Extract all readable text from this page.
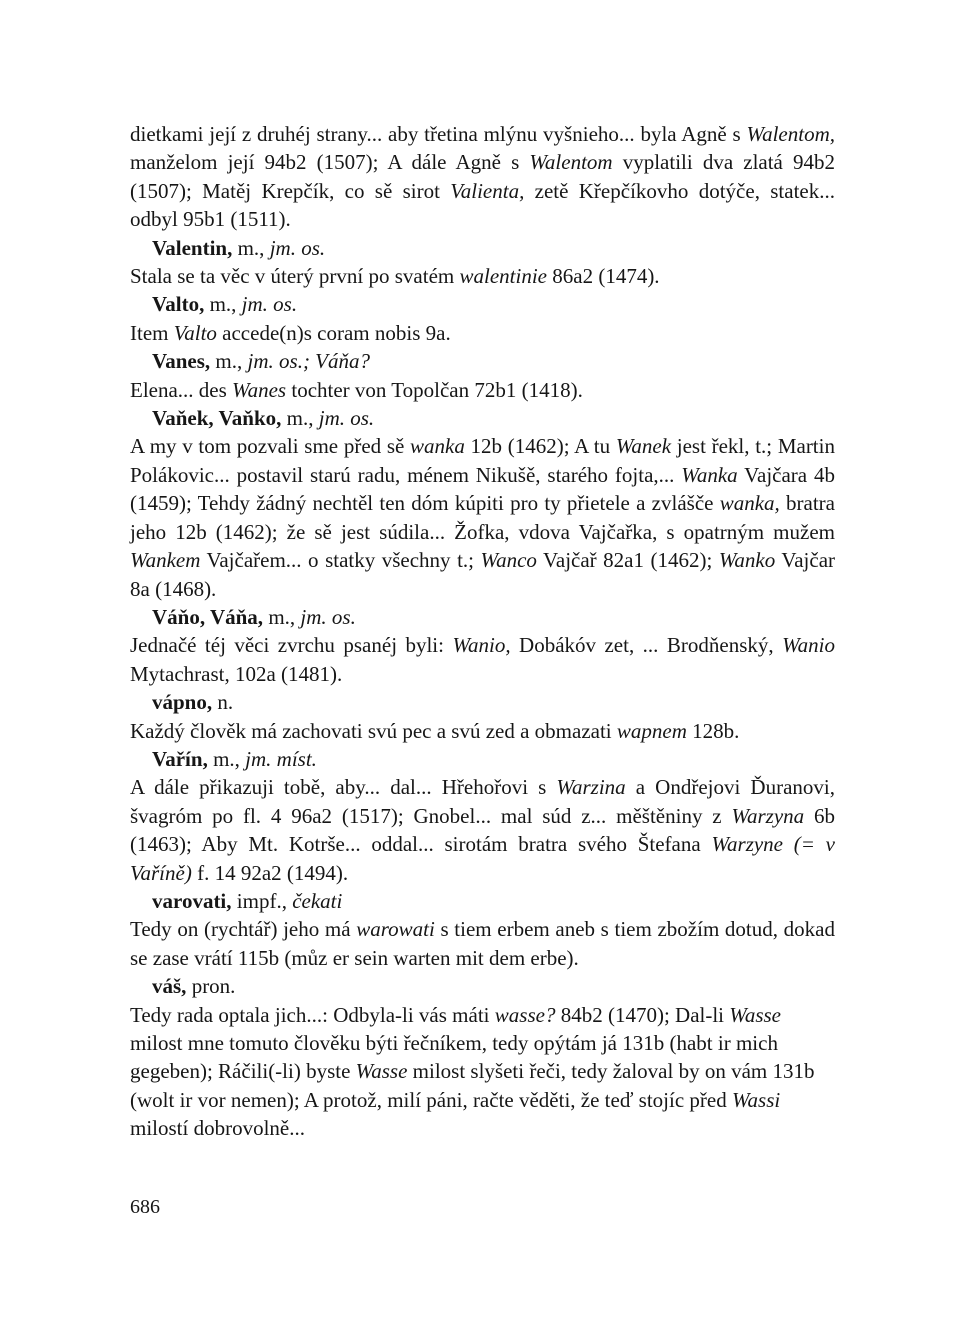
dietkami její z druhéj strany... aby třetina mlýnu vyšnieho... byla Agně s Walentom, manželom její 94b2 (1507); A dále Agně s Walentom vyplatili dva zlatá 94b2 (1507); Matěj Krepčík, co sě sirot Valienta, zetě Křepčíkovho dotýče, statek... odbyl 95b1 (1511).

Valentin, m., jm. os.

Stala se ta věc v úterý první po svatém walentinie 86a2 (1474).

Valto, m., jm. os.

Item Valto accede(n)s coram nobis 9a.

Vanes, m., jm. os.; Váňa?

Elena... des Wanes tochter von Topolčan 72b1 (1418).

Vaňek, Vaňko, m., jm. os.

A my v tom pozvali sme před sě wanka 12b (1462); A tu Wanek jest řekl, t.; Martin Polákovic... postavil starú radu, ménem Nikušě, starého fojta,... Wanka Vajčara 4b (1459); Tehdy žádný nechtěl ten dóm kúpiti pro ty přietele a zvlášče wanka, bratra jeho 12b (1462); že sě jest súdila... Žofka, vdova Vajčařka, s opatrným mužem Wankem Vajčařem... o statky všechny t.; Wanco Vajčař 82a1 (1462); Wanko Vajčar 8a (1468).

Váňo, Váňa, m., jm. os.

Jednačé téj věci zvrchu psanéj byli: Wanio, Dobákóv zet, ... Brodňenský, Wanio Mytachrast, 102a (1481).

vápno, n.

Každý člověk má zachovati svú pec a svú zed a obmazati wapnem 128b.

Vařín, m., jm. míst.

A dále přikazuji tobě, aby... dal... Hřehořovi s Warzina a Ondřejovi Ďuranovi, švagróm po fl. 4 96a2 (1517); Gnobel... mal súd z... měštěniny z Warzyna 6b (1463); Aby Mt. Kotrše... oddal... sirotám bratra svého Štefana Warzyne (= v Vaříně) f. 14 92a2 (1494).

varovati, impf., čekati

Tedy on (rychtář) jeho má warowati s tiem erbem aneb s tiem zbožím dotud, dokad se zase vrátí 115b (můz er sein warten mit dem erbe).

váš, pron.

Tedy rada optala jich...: Odbyla-li vás máti wasse? 84b2 (1470); Dal-li Wasse milost mne tomuto člověku býti řečníkem, tedy opýtám já 131b (habt ir mich gegeben); Ráčili(-li) byste Wasse milost slyšeti řeči, tedy žaloval by on vám 131b (wolt ir vor nemen); A protož, milí páni, račte věděti, že teď stojíc před Wassi milostí dobrovolně...

686
